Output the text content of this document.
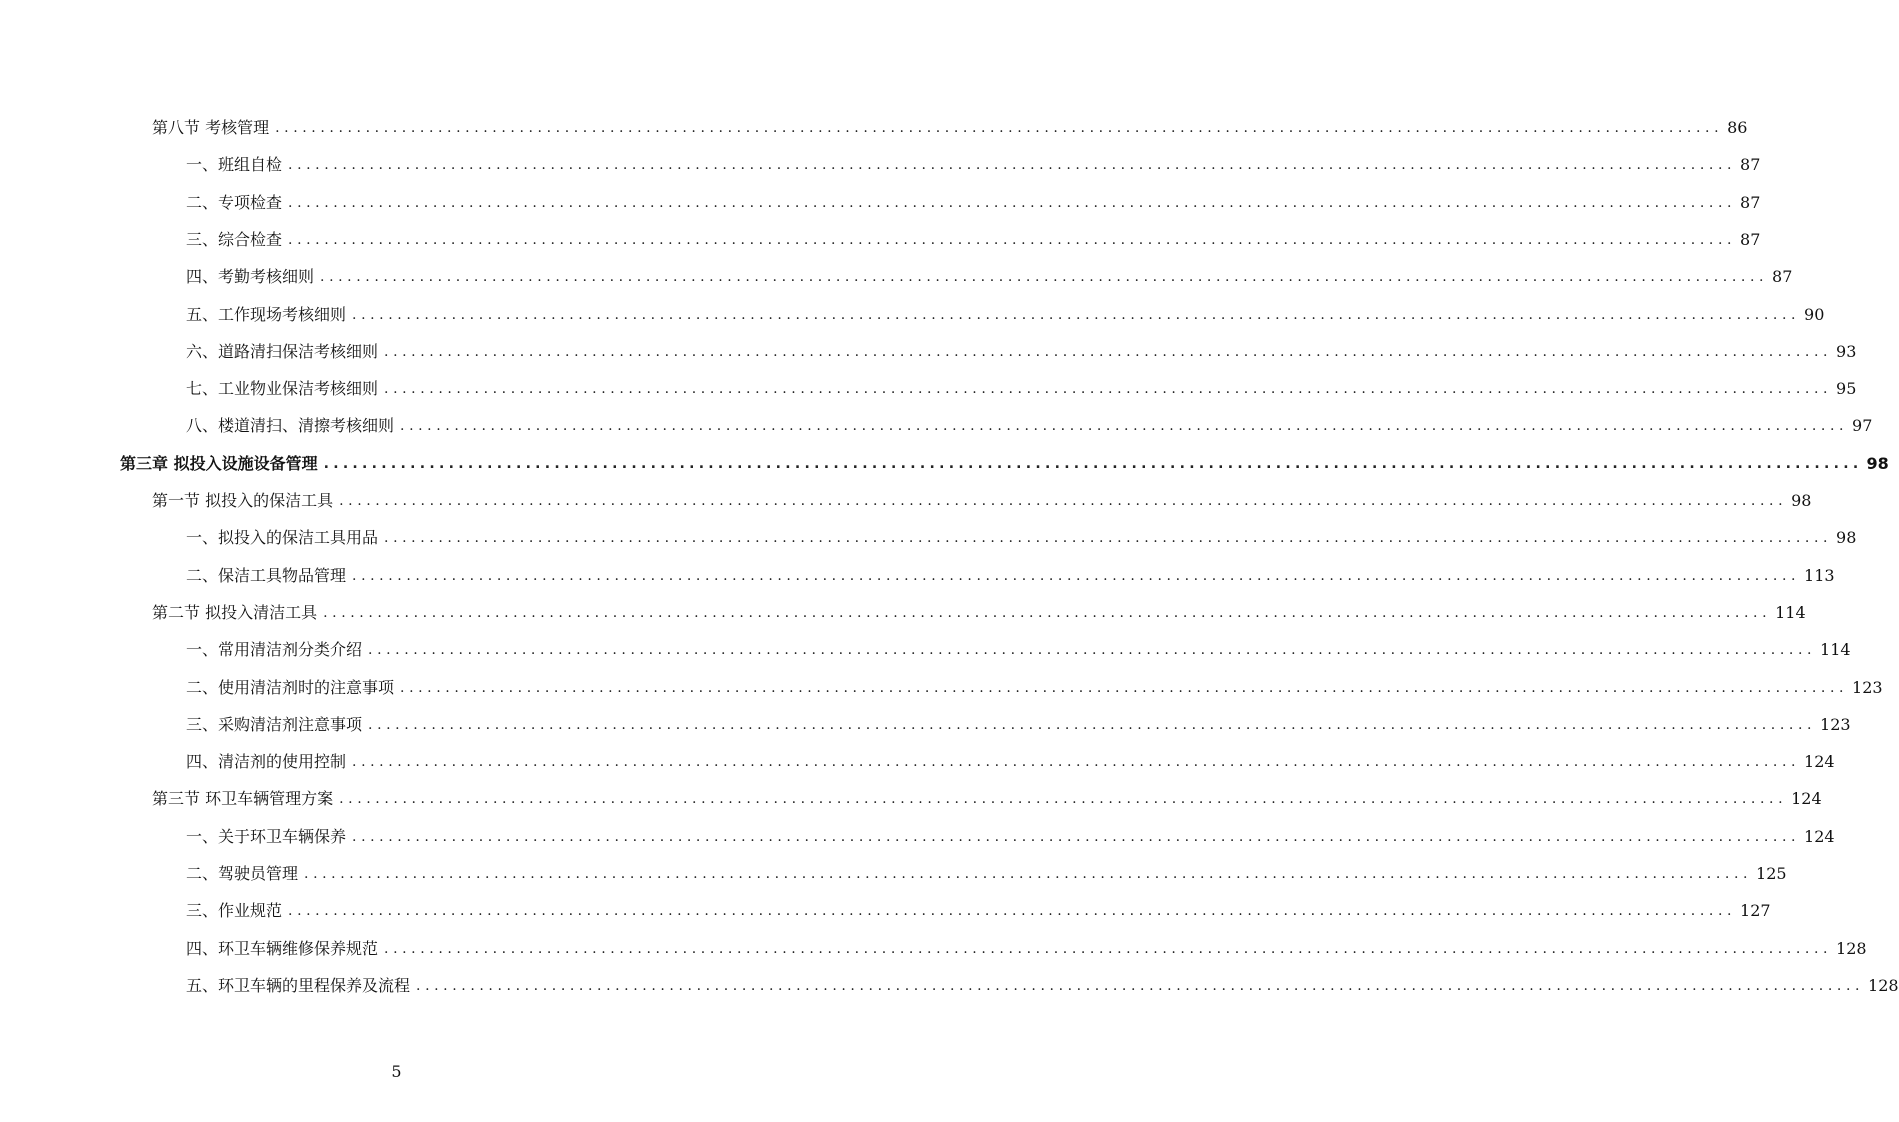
第八节 考核管理 ................................................................................................................................................................ 86
一、班组自检 ................................................................................................................................................................ 87
二、专项检查 ................................................................................................................................................................ 87
三、综合检查 ................................................................................................................................................................ 87
四、考勤考核细则 ................................................................................................................................................................ 87
五、工作现场考核细则 ................................................................................................................................................................ 90
六、道路清扫保洁考核细则 ................................................................................................................................................................ 93
七、工业物业保洁考核细则 ................................................................................................................................................................ 95
八、楼道清扫、清擦考核细则 ................................................................................................................................................................ 97
第三章 拟投入设施设备管理 ................................................................................................................................................................ 98
第一节 拟投入的保洁工具 ................................................................................................................................................................ 98
一、拟投入的保洁工具用品 ................................................................................................................................................................ 98
二、保洁工具物品管理 ................................................................................................................................................................ 113
第二节 拟投入清洁工具 ................................................................................................................................................................ 114
一、常用清洁剂分类介绍 ................................................................................................................................................................ 114
二、使用清洁剂时的注意事项 ................................................................................................................................................................ 123
三、采购清洁剂注意事项 ................................................................................................................................................................ 123
四、清洁剂的使用控制 ................................................................................................................................................................ 124
第三节 环卫车辆管理方案 ................................................................................................................................................................ 124
一、关于环卫车辆保养 ................................................................................................................................................................ 124
二、驾驶员管理 ................................................................................................................................................................ 125
三、作业规范 ................................................................................................................................................................ 127
四、环卫车辆维修保养规范 ................................................................................................................................................................ 128
五、环卫车辆的里程保养及流程 ................................................................................................................................................................ 128
5
